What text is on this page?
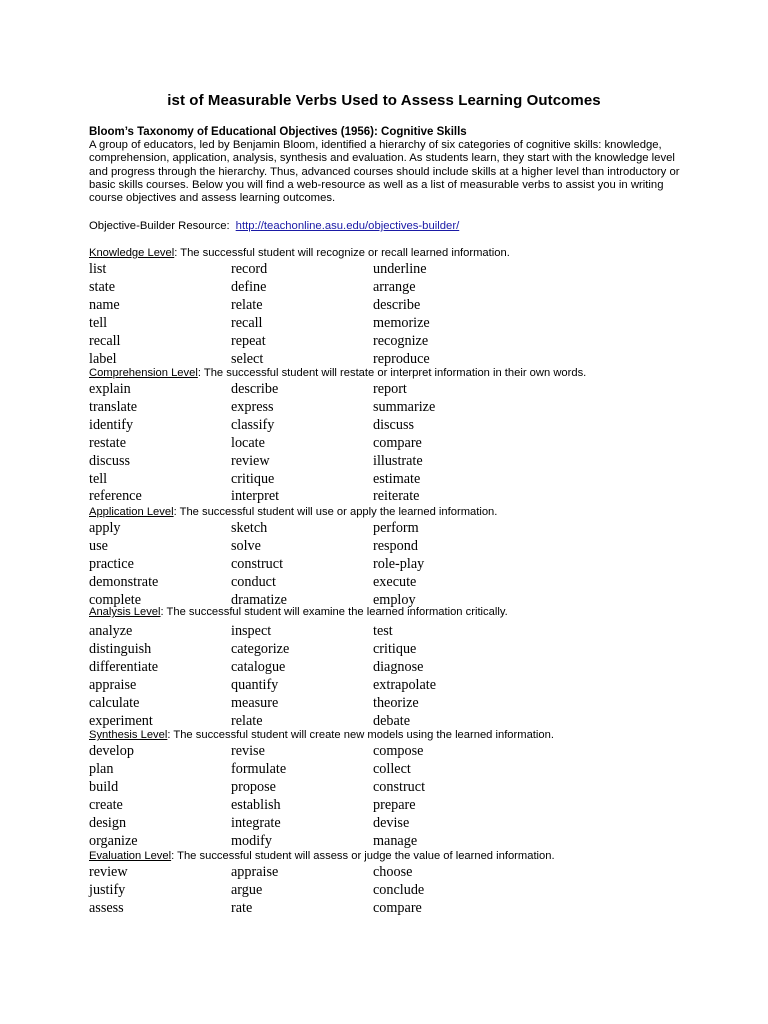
ist of Measurable Verbs Used to Assess Learning Outcomes
Bloom’s Taxonomy of Educational Objectives (1956): Cognitive Skills
A group of educators, led by Benjamin Bloom, identified a hierarchy of six categories of cognitive skills: knowledge, comprehension, application, analysis, synthesis and evaluation. As students learn, they start with the knowledge level and progress through the hierarchy. Thus, advanced courses should include skills at a higher level than introductory or basic skills courses. Below you will find a web-resource as well as a list of measurable verbs to assist you in writing course objectives and assess learning outcomes.
Objective-Builder Resource: http://teachonline.asu.edu/objectives-builder/
Knowledge Level: The successful student will recognize or recall learned information.
list	record	underline
state	define	arrange
name	relate	describe
tell	recall	memorize
recall	repeat	recognize
label	select	reproduce
Comprehension Level: The successful student will restate or interpret information in their own words.
explain	describe	report
translate	express	summarize
identify	classify	discuss
restate	locate	compare
discuss	review	illustrate
tell	critique	estimate
reference	interpret	reiterate
Application Level: The successful student will use or apply the learned information.
apply	sketch	perform
use	solve	respond
practice	construct	role-play
demonstrate	conduct	execute
complete	dramatize	employ
Analysis Level: The successful student will examine the learned information critically.
analyze	inspect	test
distinguish	categorize	critique
differentiate	catalogue	diagnose
appraise	quantify	extrapolate
calculate	measure	theorize
experiment	relate	debate
Synthesis Level: The successful student will create new models using the learned information.
develop	revise	compose
plan	formulate	collect
build	propose	construct
create	establish	prepare
design	integrate	devise
organize	modify	manage
Evaluation Level: The successful student will assess or judge the value of learned information.
review	appraise	choose
justify	argue	conclude
assess	rate	compare
